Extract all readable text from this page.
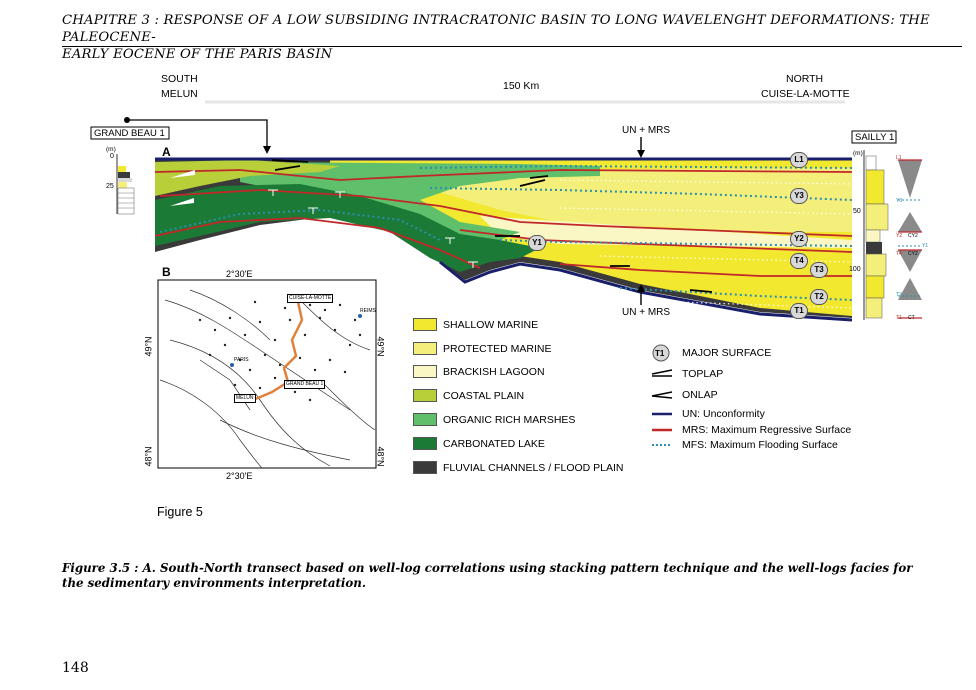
CHAPITRE 3 : RESPONSE OF A LOW SUBSIDING INTRACRATONIC BASIN TO LONG WAVELENGHT DEFORMATIONS: THE PALEOCENE-
EARLY EOCENE OF THE PARIS BASIN
SOUTH
MELUN
150 Km
NORTH
CUISE-LA-MOTTE
GRAND BEAU 1	SAILLY 1
A
B
UN + MRS
UN + MRS
(m)
0
25
(m)
50
100
L1
Y3
Y1	Y2
T4
T3
T2
T1
L1
Y3
Y2 CY2
Y1
T4 CY2
T2
T1 CT
2°30'E
2°30'E
49°N
48°N
49°N
48°N
CUISE-LA-MOTTE
REIMS
PARIS
GRAND BEAU 1
MELUN
SHALLOW MARINE
PROTECTED MARINE
BRACKISH LAGOON
COASTAL PLAIN
ORGANIC RICH MARSHES
CARBONATED LAKE
FLUVIAL CHANNELS / FLOOD PLAIN
T1 MAJOR SURFACE
TOPLAP
ONLAP
UN: Unconformity
MRS: Maximum Regressive Surface
MFS: Maximum Flooding Surface
Figure 5
Figure 3.5 : A. South-North transect based on well-log correlations using stacking pattern technique and the well-logs facies for the sedimentary environments interpretation.
148
